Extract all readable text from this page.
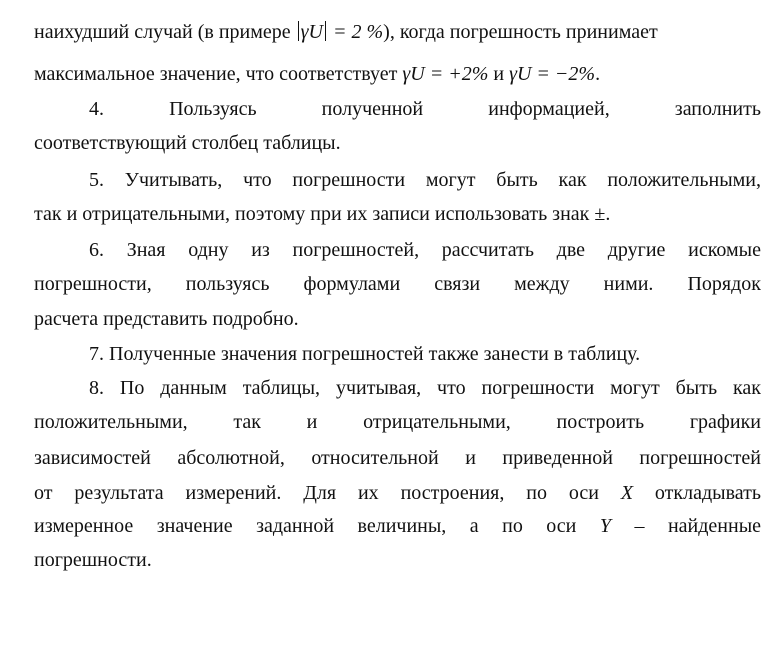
наихудший случай (в примере γU = 2 %), когда погрешность принимает
максимальное значение, что соответствует γU = +2% и γU = −2%.
4. Пользуясь полученной информацией, заполнить
соответствующий столбец таблицы.
5. Учитывать, что погрешности могут быть как положительными,
так и отрицательными, поэтому при их записи использовать знак ±.
6. Зная одну из погрешностей, рассчитать две другие искомые
погрешности, пользуясь формулами связи между ними. Порядок
расчета представить подробно.
7. Полученные значения погрешностей также занести в таблицу.
8. По данным таблицы, учитывая, что погрешности могут быть как
положительными, так и отрицательными, построить графики
зависимостей абсолютной, относительной и приведенной погрешностей
от результата измерений. Для их построения, по оси X откладывать
измеренное значение заданной величины, а по оси Y – найденные
погрешности.
